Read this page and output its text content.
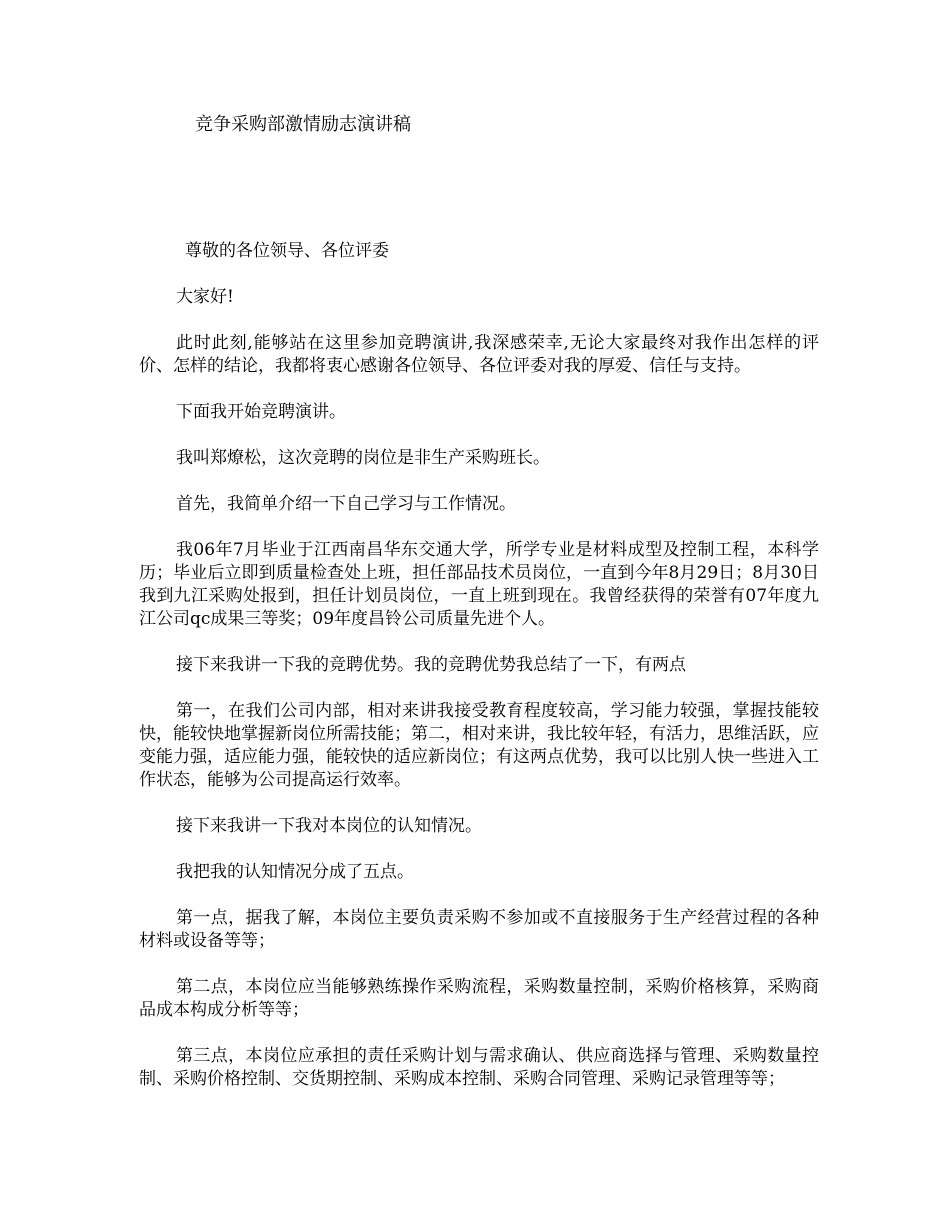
竞争采购部激情励志演讲稿

尊敬的各位领导、各位评委

大家好!

此时此刻,能够站在这里参加竞聘演讲,我深感荣幸,无论大家最终对我作出怎样的评价、怎样的结论，我都将衷心感谢各位领导、各位评委对我的厚爱、信任与支持。

下面我开始竞聘演讲。

我叫郑燎松，这次竞聘的岗位是非生产采购班长。

首先，我简单介绍一下自己学习与工作情况。

我06年7月毕业于江西南昌华东交通大学，所学专业是材料成型及控制工程，本科学历；毕业后立即到质量检查处上班，担任部品技术员岗位，一直到今年8月29日；8月30日我到九江采购处报到，担任计划员岗位，一直上班到现在。我曾经获得的荣誉有07年度九江公司qc成果三等奖；09年度昌铃公司质量先进个人。

接下来我讲一下我的竞聘优势。我的竞聘优势我总结了一下，有两点

第一，在我们公司内部，相对来讲我接受教育程度较高，学习能力较强，掌握技能较快，能较快地掌握新岗位所需技能；第二，相对来讲，我比较年轻，有活力，思维活跃，应变能力强，适应能力强，能较快的适应新岗位；有这两点优势，我可以比别人快一些进入工作状态，能够为公司提高运行效率。

接下来我讲一下我对本岗位的认知情况。

我把我的认知情况分成了五点。

第一点，据我了解，本岗位主要负责采购不参加或不直接服务于生产经营过程的各种材料或设备等等；

第二点，本岗位应当能够熟练操作采购流程，采购数量控制，采购价格核算，采购商品成本构成分析等等；

第三点，本岗位应承担的责任采购计划与需求确认、供应商选择与管理、采购数量控制、采购价格控制、交货期控制、采购成本控制、采购合同管理、采购记录管理等等；
